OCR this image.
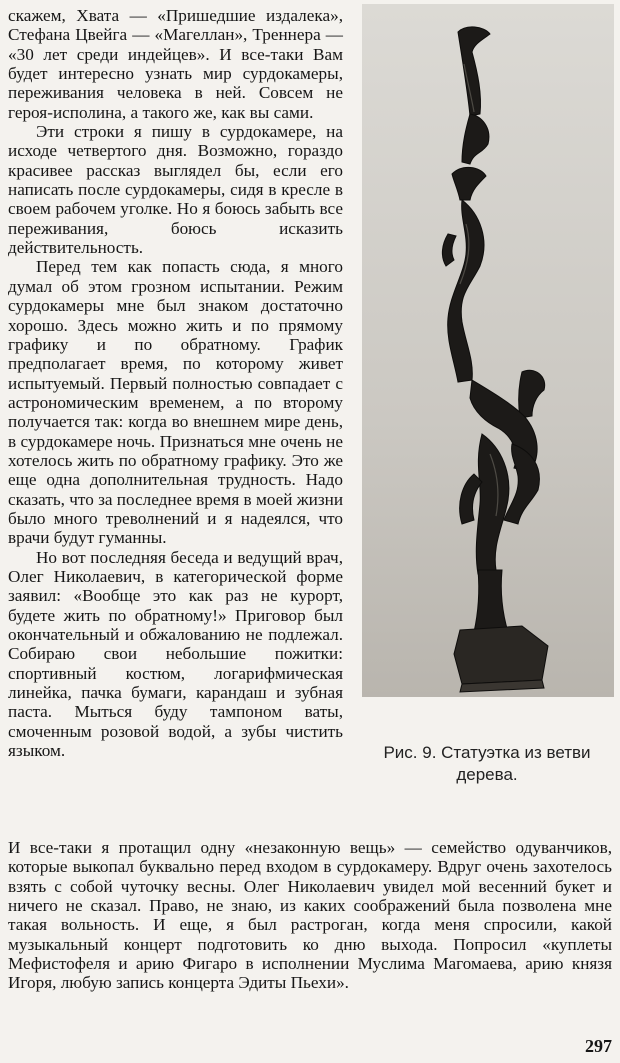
скажем, Хвата — «Пришедшие издалека», Стефана Цвейга — «Магеллан», Треннера — «30 лет среди индейцев». И все-таки Вам будет интересно узнать мир сурдокамеры, переживания человека в ней. Совсем не героя-исполина, а такого же, как вы сами.

Эти строки я пишу в сурдокамере, на исходе четвертого дня. Возможно, гораздо красивее рассказ выглядел бы, если его написать после сурдокамеры, сидя в кресле в своем рабочем уголке. Но я боюсь забыть все переживания, боюсь исказить действительность.

Перед тем как попасть сюда, я много думал об этом грозном испытании. Режим сурдокамеры мне был знаком достаточно хорошо. Здесь можно жить и по прямому графику и по обратному. График предполагает время, по которому живет испытуемый. Первый полностью совпадает с астрономическим временем, а по второму получается так: когда во внешнем мире день, в сурдокамере ночь. Признаться мне очень не хотелось жить по обратному графику. Это же еще одна дополнительная трудность. Надо сказать, что за последнее время в моей жизни было много треволнений и я надеялся, что врачи будут гуманны.

Но вот последняя беседа и ведущий врач, Олег Николаевич, в категорической форме заявил: «Вообще это как раз не курорт, будете жить по обратному!» Приговор был окончательный и обжалованию не подлежал. Собираю свои небольшие пожитки: спортивный костюм, логарифмическая линейка, пачка бумаги, карандаш и зубная паста. Мыться буду тампоном ваты, смоченным розовой водой, а зубы чистить языком.	Рис. 9. Статуэтка из ветви дерева.

И все-таки я протащил одну «незаконную вещь» — семейство одуванчиков, которые выкопал буквально перед входом в сурдокамеру. Вдруг очень захотелось взять с собой чуточку весны. Олег Николаевич увидел мой весенний букет и ничего не сказал. Право, не знаю, из каких соображений была позволена мне такая вольность. И еще, я был растроган, когда меня спросили, какой музыкальный концерт подготовить ко дню выхода. Попросил «куплеты Мефистофеля и арию Фигаро в исполнении Муслима Магомаева, арию князя Игоря, любую запись концерта Эдиты Пьехи».

297
